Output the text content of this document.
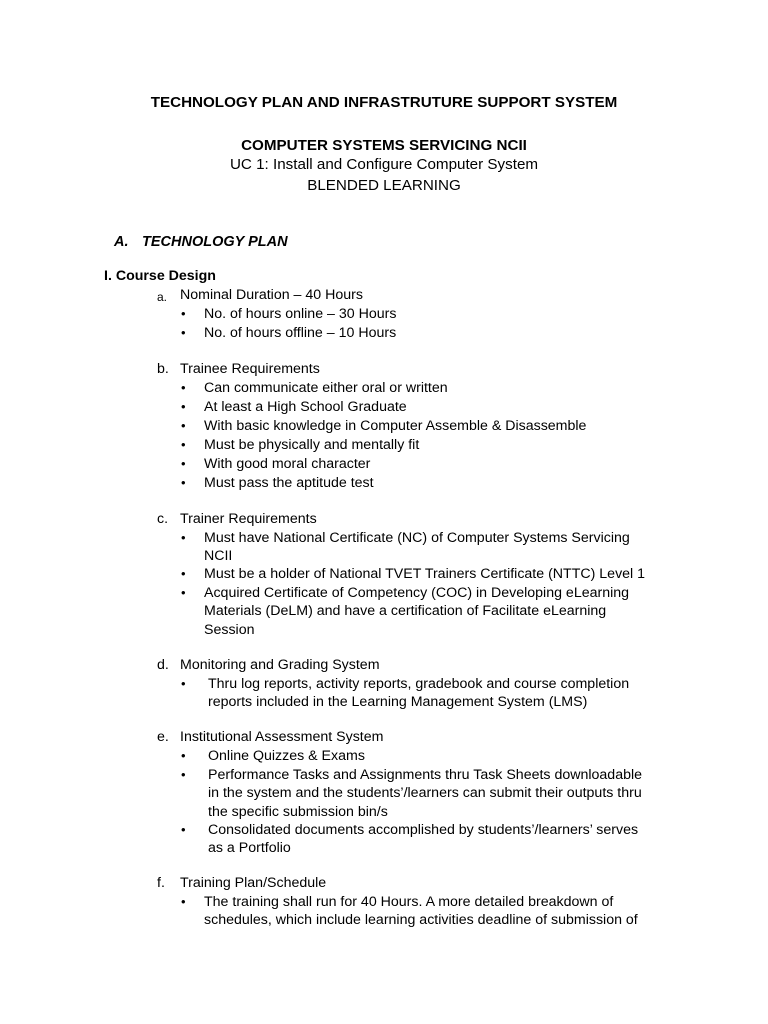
TECHNOLOGY PLAN AND INFRASTRUTURE SUPPORT SYSTEM
COMPUTER SYSTEMS SERVICING NCII
UC 1: Install and Configure Computer System
BLENDED LEARNING
A. TECHNOLOGY PLAN
I. Course Design
a. Nominal Duration – 40 Hours
• No. of hours online – 30 Hours
• No. of hours offline – 10 Hours
b. Trainee Requirements
• Can communicate either oral or written
• At least a High School Graduate
• With basic knowledge in Computer Assemble & Disassemble
• Must be physically and mentally fit
• With good moral character
• Must pass the aptitude test
c. Trainer Requirements
• Must have National Certificate (NC) of Computer Systems Servicing
NCII
• Must be a holder of National TVET Trainers Certificate (NTTC) Level 1
• Acquired Certificate of Competency (COC) in Developing eLearning
Materials (DeLM) and have a certification of Facilitate eLearning
Session
d. Monitoring and Grading System
• Thru log reports, activity reports, gradebook and course completion
reports included in the Learning Management System (LMS)
e. Institutional Assessment System
• Online Quizzes & Exams
• Performance Tasks and Assignments thru Task Sheets downloadable
in the system and the students’/learners can submit their outputs thru
the specific submission bin/s
• Consolidated documents accomplished by students’/learners’ serves
as a Portfolio
f. Training Plan/Schedule
• The training shall run for 40 Hours. A more detailed breakdown of
schedules, which include learning activities deadline of submission of
